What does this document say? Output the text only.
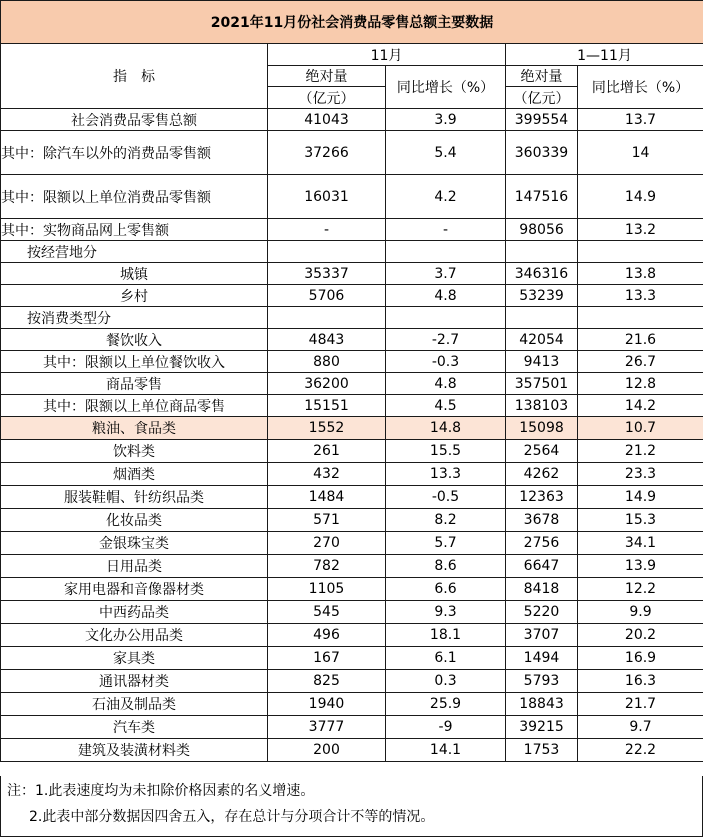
2021年11月份社会消费品零售总额主要数据				
指　标	11月		1—11月	
	绝对量	同比增长（%）	绝对量	同比增长（%）
	（亿元）		（亿元）	
社会消费品零售总额	41043	3.9	399554	13.7
其中：除汽车以外的消费品零售额	37266	5.4	360339	14
其中：限额以上单位消费品零售额	16031	4.2	147516	14.9
其中：实物商品网上零售额	-	-	98056	13.2
按经营地分				
城镇	35337	3.7	346316	13.8
乡村	5706	4.8	53239	13.3
按消费类型分				
餐饮收入	4843	-2.7	42054	21.6
其中：限额以上单位餐饮收入	880	-0.3	9413	26.7
商品零售	36200	4.8	357501	12.8
其中：限额以上单位商品零售	15151	4.5	138103	14.2
粮油、食品类	1552	14.8	15098	10.7
饮料类	261	15.5	2564	21.2
烟酒类	432	13.3	4262	23.3
服装鞋帽、针纺织品类	1484	-0.5	12363	14.9
化妆品类	571	8.2	3678	15.3
金银珠宝类	270	5.7	2756	34.1
日用品类	782	8.6	6647	13.9
家用电器和音像器材类	1105	6.6	8418	12.2
中西药品类	545	9.3	5220	9.9
文化办公用品类	496	18.1	3707	20.2
家具类	167	6.1	1494	16.9
通讯器材类	825	0.3	5793	16.3
石油及制品类	1940	25.9	18843	21.7
汽车类	3777	-9	39215	9.7
建筑及装潢材料类	200	14.1	1753	22.2
注：1.此表速度均为未扣除价格因素的名义增速。
2.此表中部分数据因四舍五入，存在总计与分项合计不等的情况。
